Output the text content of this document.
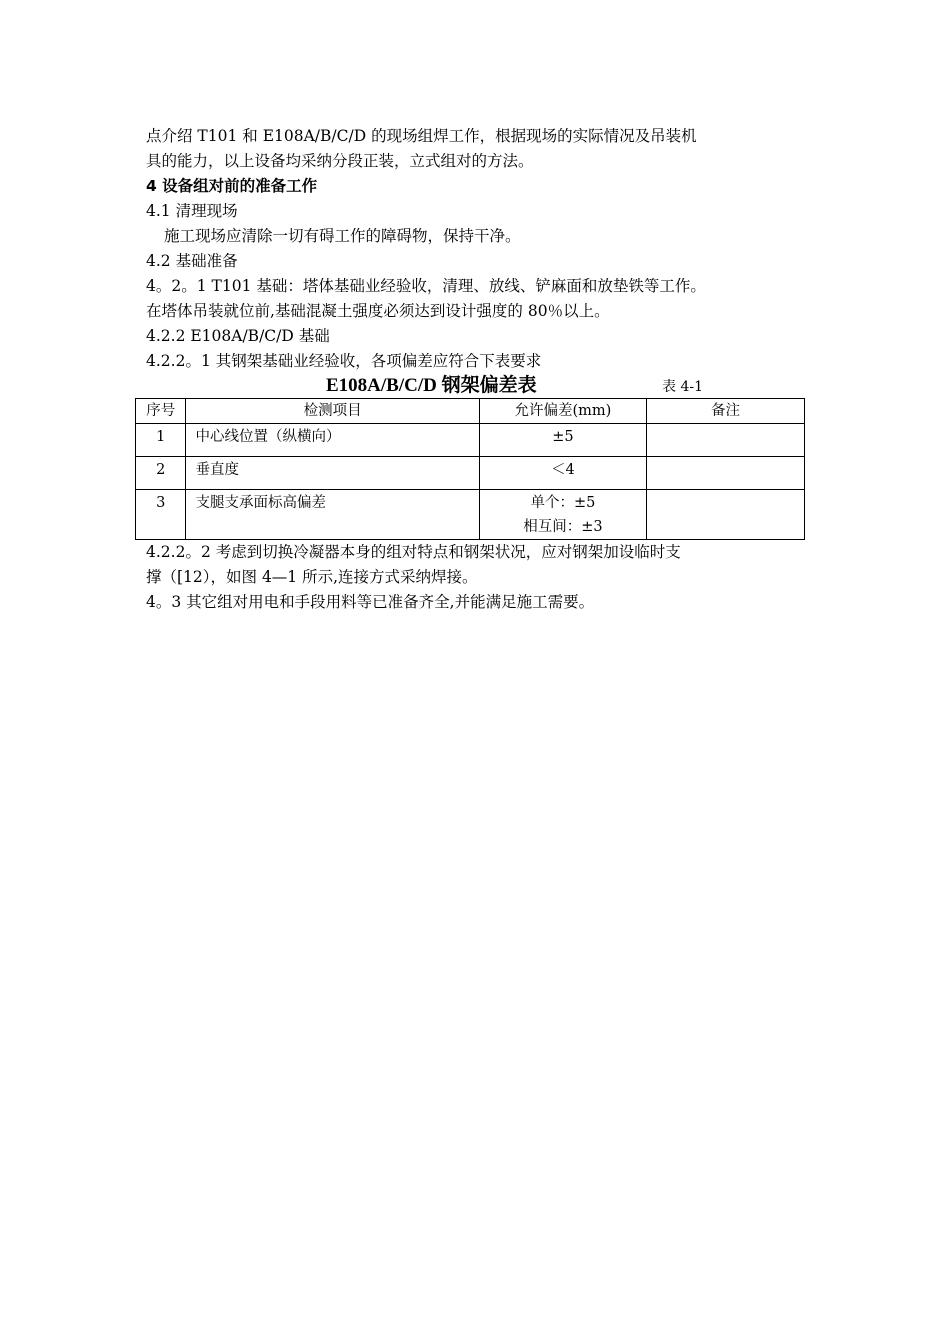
点介绍 T101 和 E108A/B/C/D 的现场组焊工作，根据现场的实际情况及吊装机
具的能力，以上设备均采纳分段正装，立式组对的方法。
4 设备组对前的准备工作
4.1 清理现场
施工现场应清除一切有碍工作的障碍物，保持干净。
4.2 基础准备
4。2。1 T101 基础：塔体基础业经验收，清理、放线、铲麻面和放垫铁等工作。
在塔体吊装就位前,基础混凝土强度必须达到设计强度的 80％以上。
4.2.2 E108A/B/C/D 基础
4.2.2。1 其钢架基础业经验收，各项偏差应符合下表要求
E108A/B/C/D 钢架偏差表	表 4-1
序号	检测项目	允许偏差(mm)	备注
1	中心线位置（纵横向）	±5	

2	垂直度	＜4	

3	支腿支承面标高偏差	单个：±5
相互间：±3	

4.2.2。2 考虑到切换冷凝器本身的组对特点和钢架状况，应对钢架加设临时支
撑（[12），如图 4—1 所示,连接方式采纳焊接。
4。3 其它组对用电和手段用料等已准备齐全,并能满足施工需要。
